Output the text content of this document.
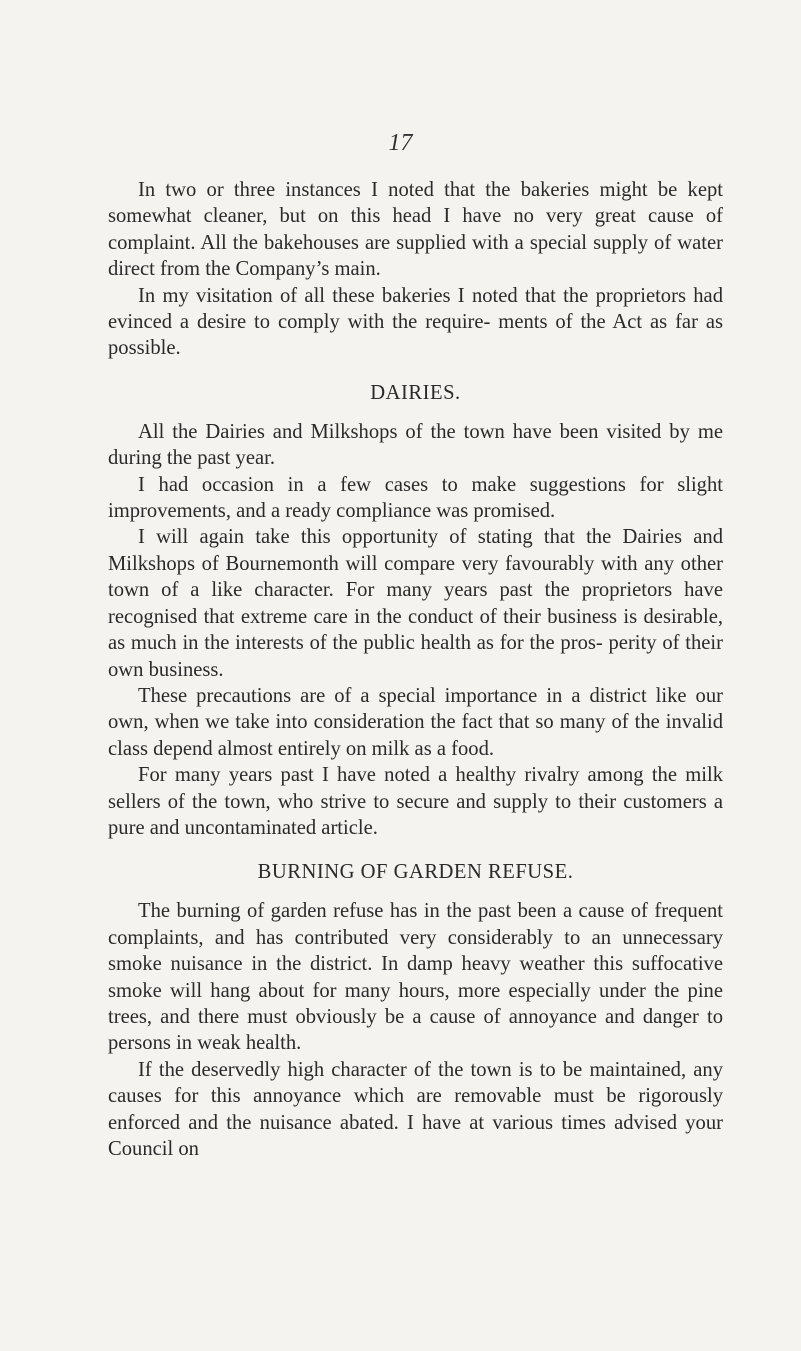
17

In two or three instances I noted that the bakeries might be kept somewhat cleaner, but on this head I have no very great cause of complaint. All the bakehouses are supplied with a special supply of water direct from the Company’s main.

In my visitation of all these bakeries I noted that the proprietors had evinced a desire to comply with the require- ments of the Act as far as possible.

DAIRIES.

All the Dairies and Milkshops of the town have been visited by me during the past year.

I had occasion in a few cases to make suggestions for slight improvements, and a ready compliance was promised.

I will again take this opportunity of stating that the Dairies and Milkshops of Bournemonth will compare very favourably with any other town of a like character. For many years past the proprietors have recognised that extreme care in the conduct of their business is desirable, as much in the interests of the public health as for the pros- perity of their own business.

These precautions are of a special importance in a district like our own, when we take into consideration the fact that so many of the invalid class depend almost entirely on milk as a food.

For many years past I have noted a healthy rivalry among the milk sellers of the town, who strive to secure and supply to their customers a pure and uncontaminated article.

BURNING OF GARDEN REFUSE.

The burning of garden refuse has in the past been a cause of frequent complaints, and has contributed very considerably to an unnecessary smoke nuisance in the district. In damp heavy weather this suffocative smoke will hang about for many hours, more especially under the pine trees, and there must obviously be a cause of annoyance and danger to persons in weak health.

If the deservedly high character of the town is to be maintained, any causes for this annoyance which are removable must be rigorously enforced and the nuisance abated. I have at various times advised your Council on
